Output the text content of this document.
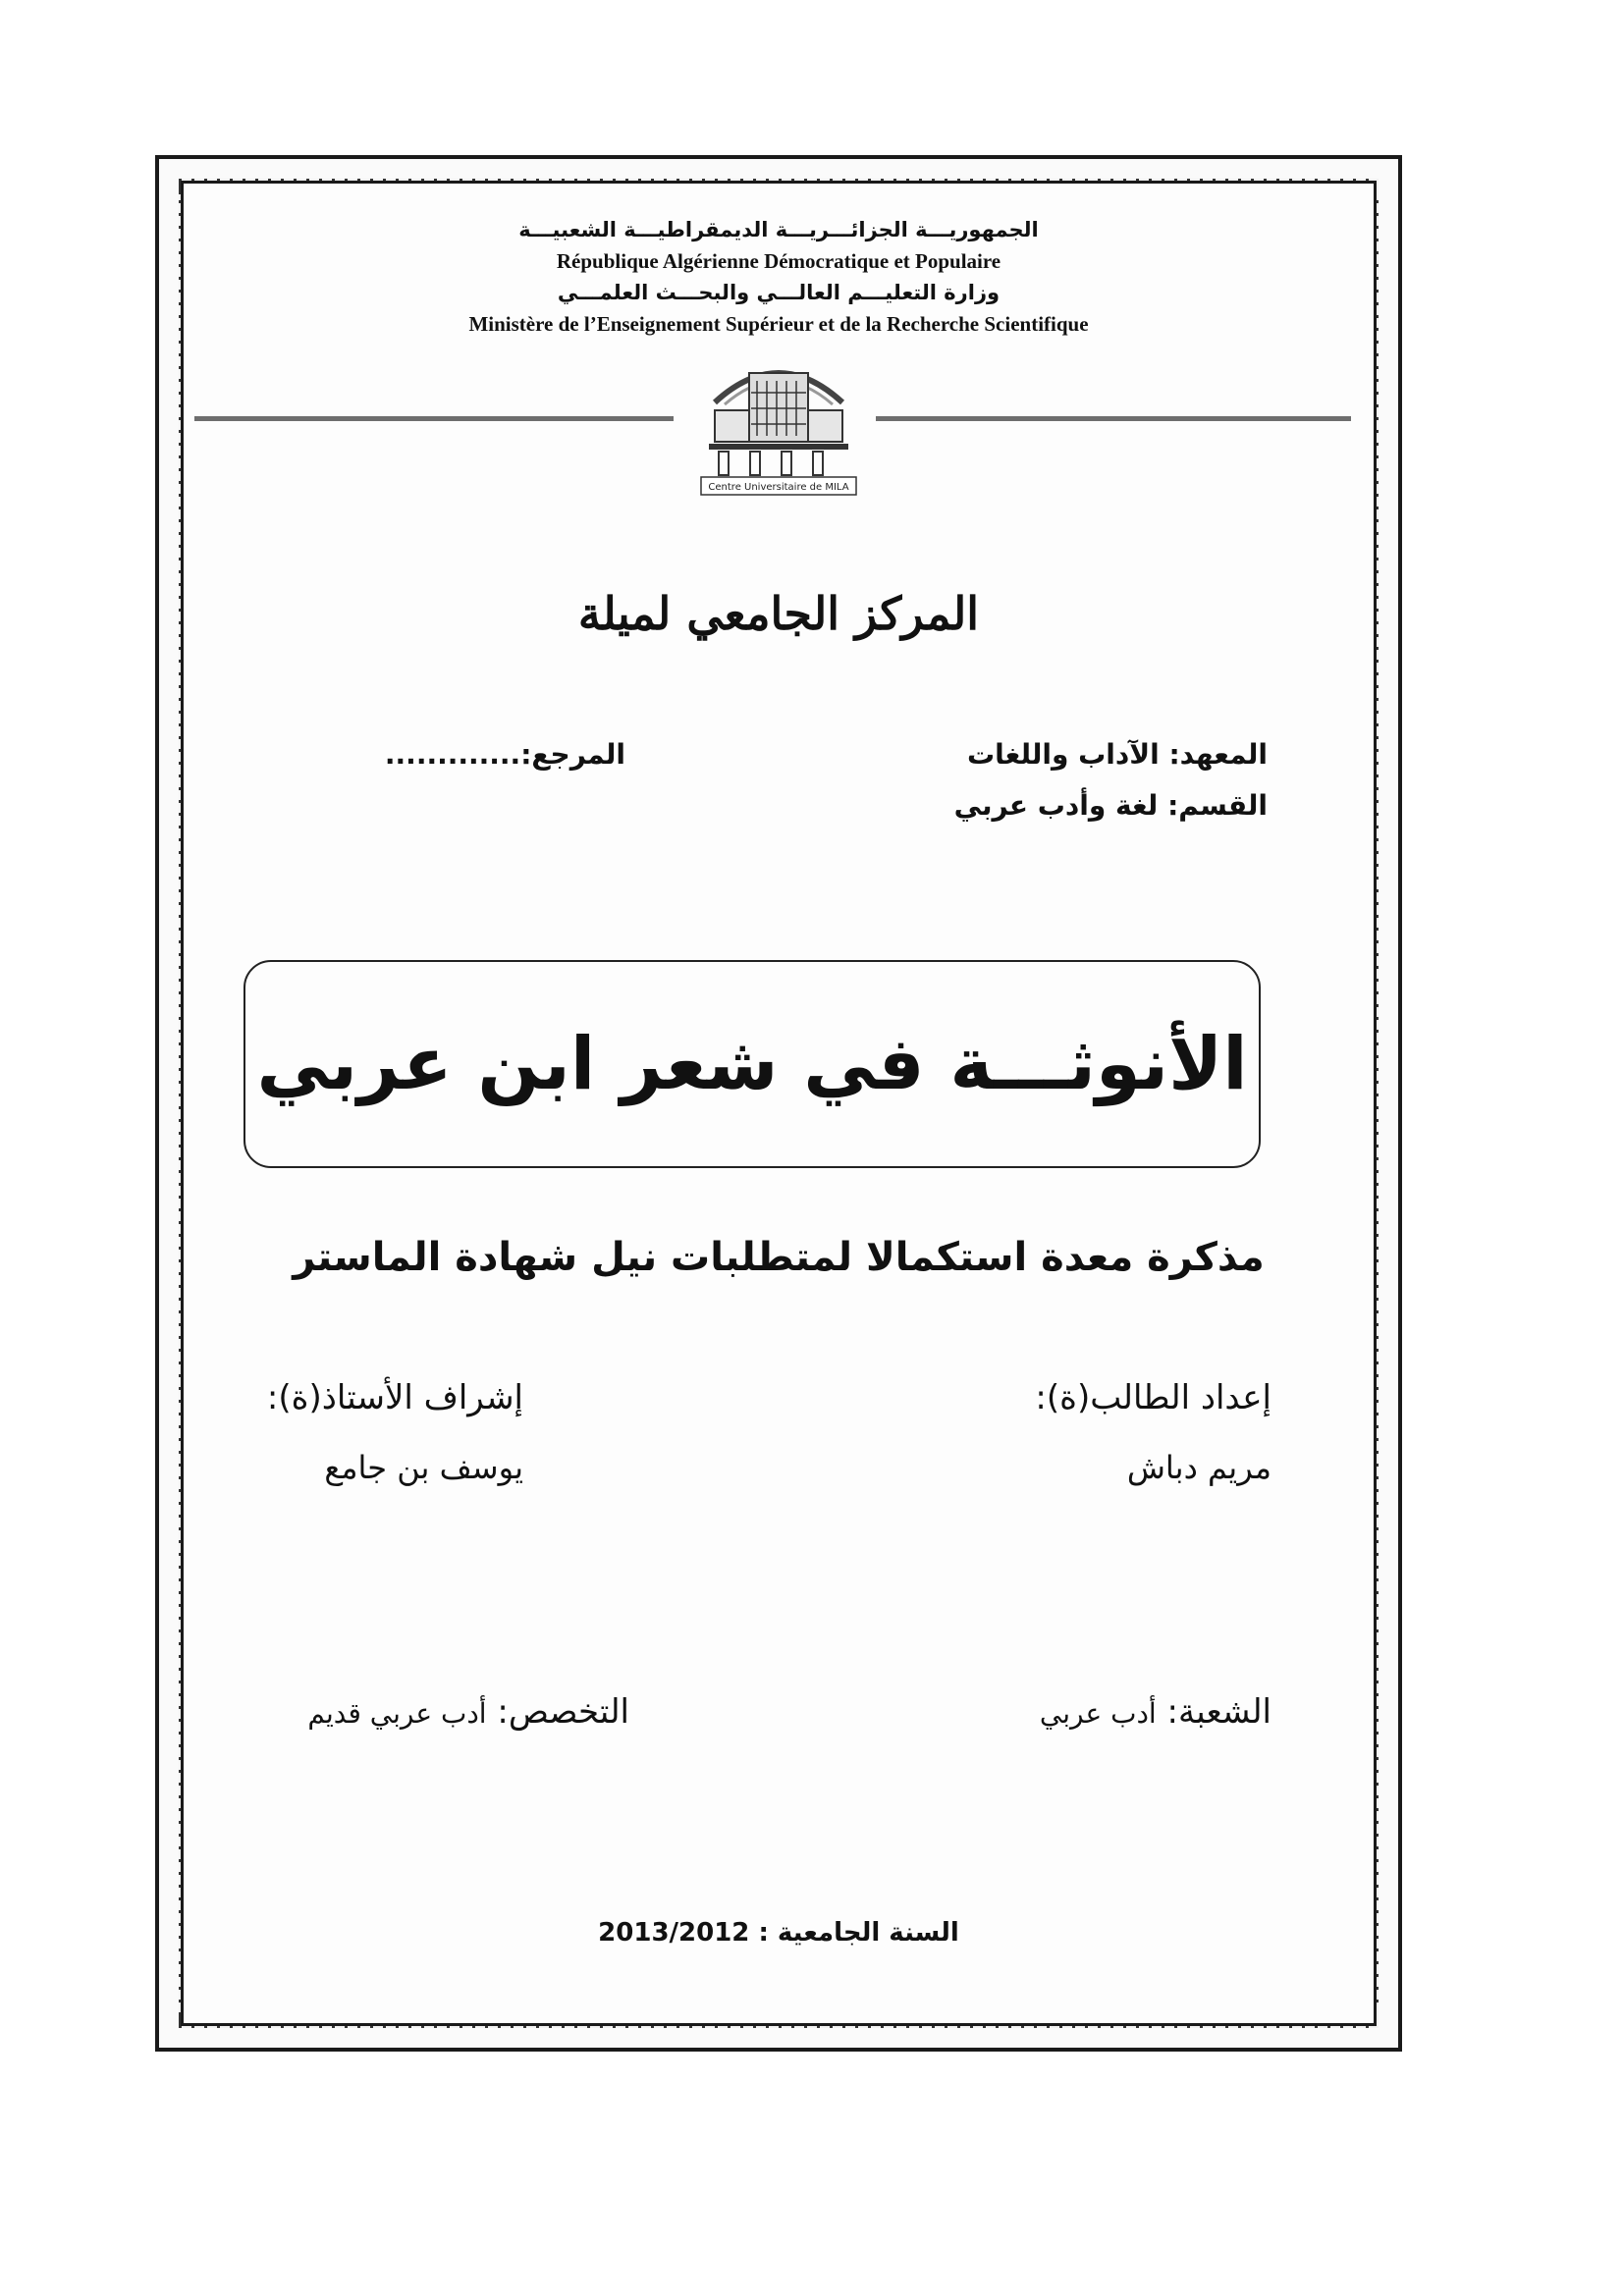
الجمهوريـــة الجزائـــريـــة الديمقراطيـــة الشعبيـــة
République Algérienne Démocratique et Populaire
وزارة التعليـــم العالـــي والبحـــث العلمـــي
Ministère de l’Enseignement Supérieur et de la Recherche Scientifique
Centre Universitaire de MILA
المركز الجامعي لميلة
المعهد: الآداب واللغات
القسم: لغة وأدب عربي
المرجع:.............
الأنوثـــة في شعر ابن عربي
مذكرة معدة استكمالا لمتطلبات نيل شهادة الماستر
إعداد الطالب(ة):
مريم دباش
إشراف الأستاذ(ة):
يوسف بن جامع
الشعبة: أدب عربي
التخصص: أدب عربي قديم
السنة الجامعية : 2013/2012
